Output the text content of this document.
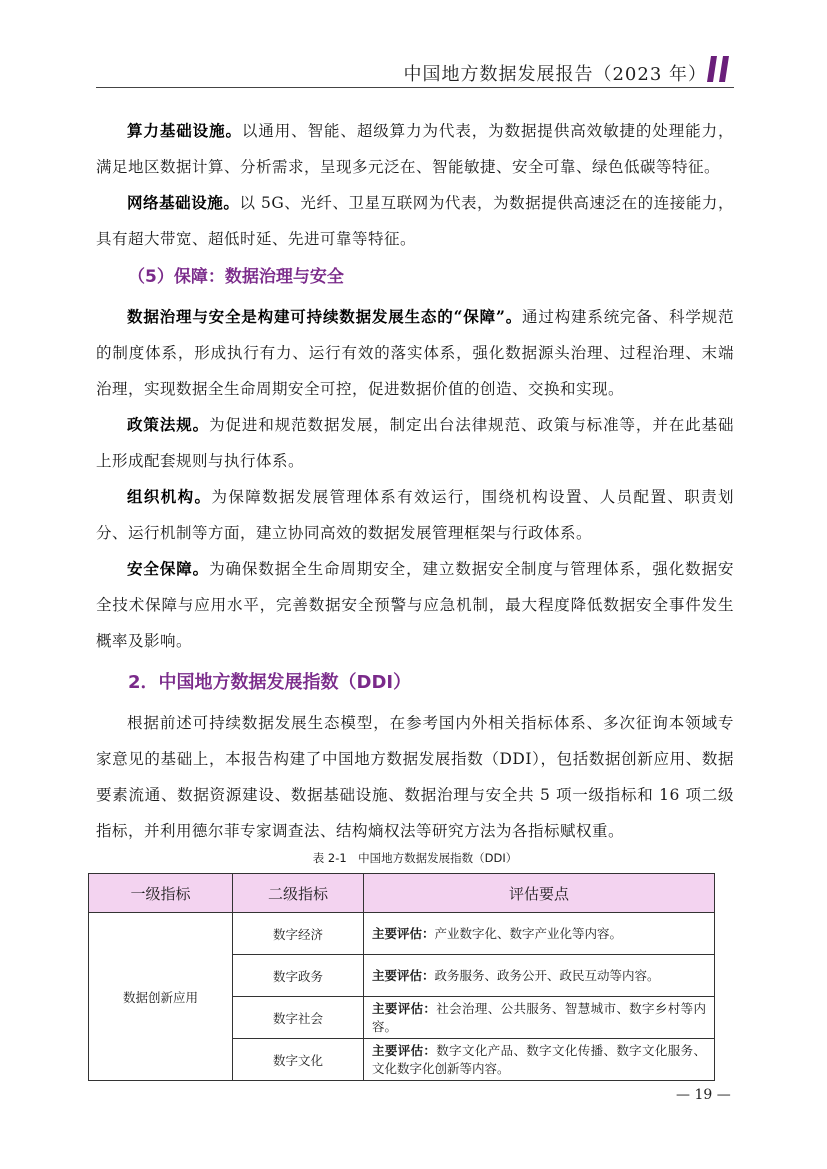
中国地方数据发展报告（2023 年）

算力基础设施。以通用、智能、超级算力为代表，为数据提供高效敏捷的处理能力，满足地区数据计算、分析需求，呈现多元泛在、智能敏捷、安全可靠、绿色低碳等特征。

网络基础设施。以 5G、光纤、卫星互联网为代表，为数据提供高速泛在的连接能力，具有超大带宽、超低时延、先进可靠等特征。

（5）保障：数据治理与安全

数据治理与安全是构建可持续数据发展生态的“保障”。通过构建系统完备、科学规范的制度体系，形成执行有力、运行有效的落实体系，强化数据源头治理、过程治理、末端治理，实现数据全生命周期安全可控，促进数据价值的创造、交换和实现。

政策法规。为促进和规范数据发展，制定出台法律规范、政策与标准等，并在此基础上形成配套规则与执行体系。

组织机构。为保障数据发展管理体系有效运行，围绕机构设置、人员配置、职责划分、运行机制等方面，建立协同高效的数据发展管理框架与行政体系。

安全保障。为确保数据全生命周期安全，建立数据安全制度与管理体系，强化数据安全技术保障与应用水平，完善数据安全预警与应急机制，最大程度降低数据安全事件发生概率及影响。

2．中国地方数据发展指数（DDI）

根据前述可持续数据发展生态模型，在参考国内外相关指标体系、多次征询本领域专家意见的基础上，本报告构建了中国地方数据发展指数（DDI），包括数据创新应用、数据要素流通、数据资源建设、数据基础设施、数据治理与安全共 5 项一级指标和 16 项二级指标，并利用德尔菲专家调查法、结构熵权法等研究方法为各指标赋权重。

表 2-1　中国地方数据发展指数（DDI）
一级指标	二级指标	评估要点
数据创新应用	数字经济	主要评估：产业数字化、数字产业化等内容。
	数字政务	主要评估：政务服务、政务公开、政民互动等内容。
	数字社会	主要评估：社会治理、公共服务、智慧城市、数字乡村等内容。
	数字文化	主要评估：数字文化产品、数字文化传播、数字文化服务、文化数字化创新等内容。
— 19 —
